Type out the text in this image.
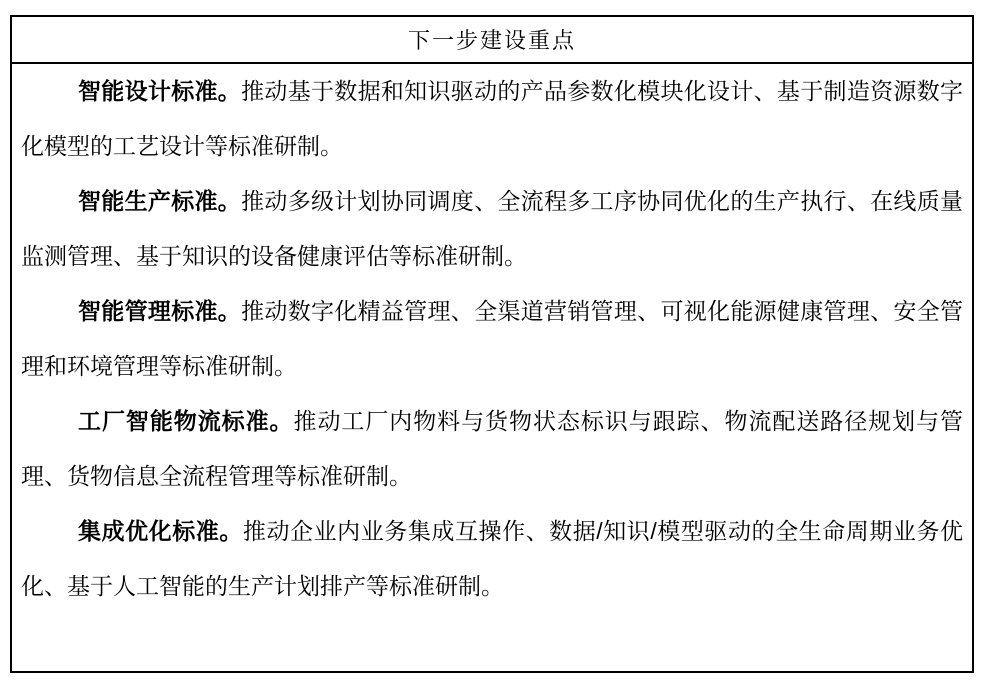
下一步建设重点

智能设计标准。推动基于数据和知识驱动的产品参数化模块化设计、基于制造资源数字化模型的工艺设计等标准研制。

智能生产标准。推动多级计划协同调度、全流程多工序协同优化的生产执行、在线质量监测管理、基于知识的设备健康评估等标准研制。

智能管理标准。推动数字化精益管理、全渠道营销管理、可视化能源健康管理、安全管理和环境管理等标准研制。

工厂智能物流标准。推动工厂内物料与货物状态标识与跟踪、物流配送路径规划与管理、货物信息全流程管理等标准研制。

集成优化标准。推动企业内业务集成互操作、数据/知识/模型驱动的全生命周期业务优化、基于人工智能的生产计划排产等标准研制。
